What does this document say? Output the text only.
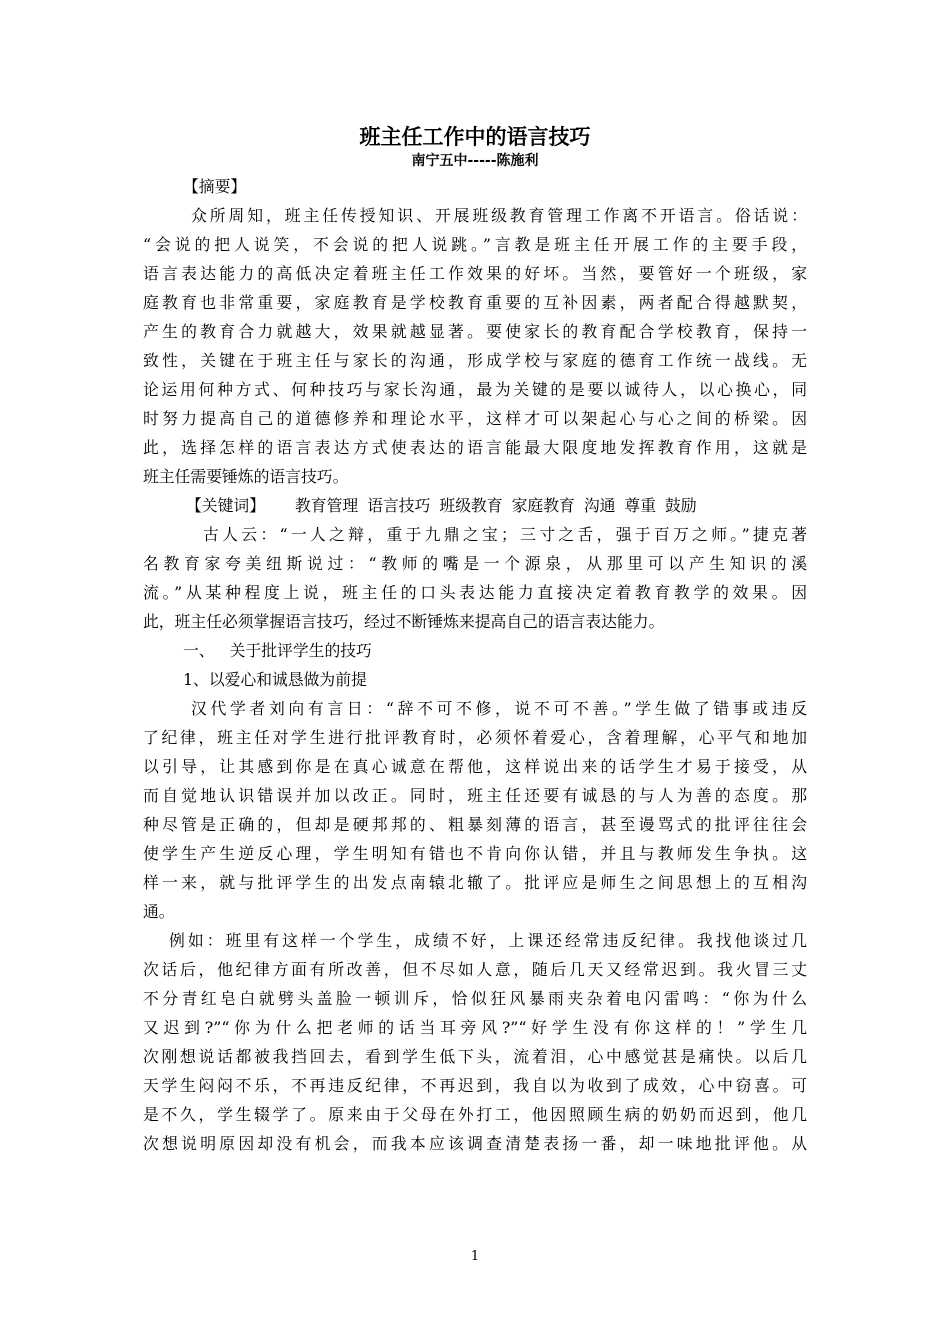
班主任工作中的语言技巧
南宁五中-----陈施利
【摘要】
众所周知，班主任传授知识、开展班级教育管理工作离不开语言。俗话说：
“会说的把人说笑，不会说的把人说跳。”言教是班主任开展工作的主要手段，
语言表达能力的高低决定着班主任工作效果的好坏。当然，要管好一个班级，家
庭教育也非常重要，家庭教育是学校教育重要的互补因素，两者配合得越默契，
产生的教育合力就越大，效果就越显著。要使家长的教育配合学校教育，保持一
致性，关键在于班主任与家长的沟通，形成学校与家庭的德育工作统一战线。无
论运用何种方式、何种技巧与家长沟通，最为关键的是要以诚待人，以心换心，同
时努力提高自己的道德修养和理论水平，这样才可以架起心与心之间的桥梁。因
此，选择怎样的语言表达方式使表达的语言能最大限度地发挥教育作用，这就是
班主任需要锤炼的语言技巧。
【关键词】 教育管理 语言技巧 班级教育 家庭教育 沟通 尊重 鼓励
古人云：“一人之辩，重于九鼎之宝；三寸之舌，强于百万之师。”捷克著
名教育家夸美纽斯说过：“教师的嘴是一个源泉，从那里可以产生知识的溪
流。”从某种程度上说，班主任的口头表达能力直接决定着教育教学的效果。因
此，班主任必须掌握语言技巧，经过不断锤炼来提高自己的语言表达能力。
一、   关于批评学生的技巧
1、以爱心和诚恳做为前提
汉代学者刘向有言日：“辞不可不修，说不可不善。”学生做了错事或违反
了纪律，班主任对学生进行批评教育时，必须怀着爱心，含着理解，心平气和地加
以引导，让其感到你是在真心诚意在帮他，这样说出来的话学生才易于接受，从
而自觉地认识错误并加以改正。同时，班主任还要有诚恳的与人为善的态度。那
种尽管是正确的，但却是硬邦邦的、粗暴刻薄的语言，甚至谩骂式的批评往往会
使学生产生逆反心理，学生明知有错也不肯向你认错，并且与教师发生争执。这
样一来，就与批评学生的出发点南辕北辙了。批评应是师生之间思想上的互相沟
通。
例如：班里有这样一个学生，成绩不好，上课还经常违反纪律。我找他谈过几
次话后，他纪律方面有所改善，但不尽如人意，随后几天又经常迟到。我火冒三丈
不分青红皂白就劈头盖脸一顿训斥，恰似狂风暴雨夹杂着电闪雷鸣：“你为什么
又迟到?”“你为什么把老师的话当耳旁风?”“好学生没有你这样的！”学生几
次刚想说话都被我挡回去，看到学生低下头，流着泪，心中感觉甚是痛快。以后几
天学生闷闷不乐，不再违反纪律，不再迟到，我自以为收到了成效，心中窃喜。可
是不久，学生辍学了。原来由于父母在外打工，他因照顾生病的奶奶而迟到，他几
次想说明原因却没有机会，而我本应该调查清楚表扬一番，却一味地批评他。从
1
